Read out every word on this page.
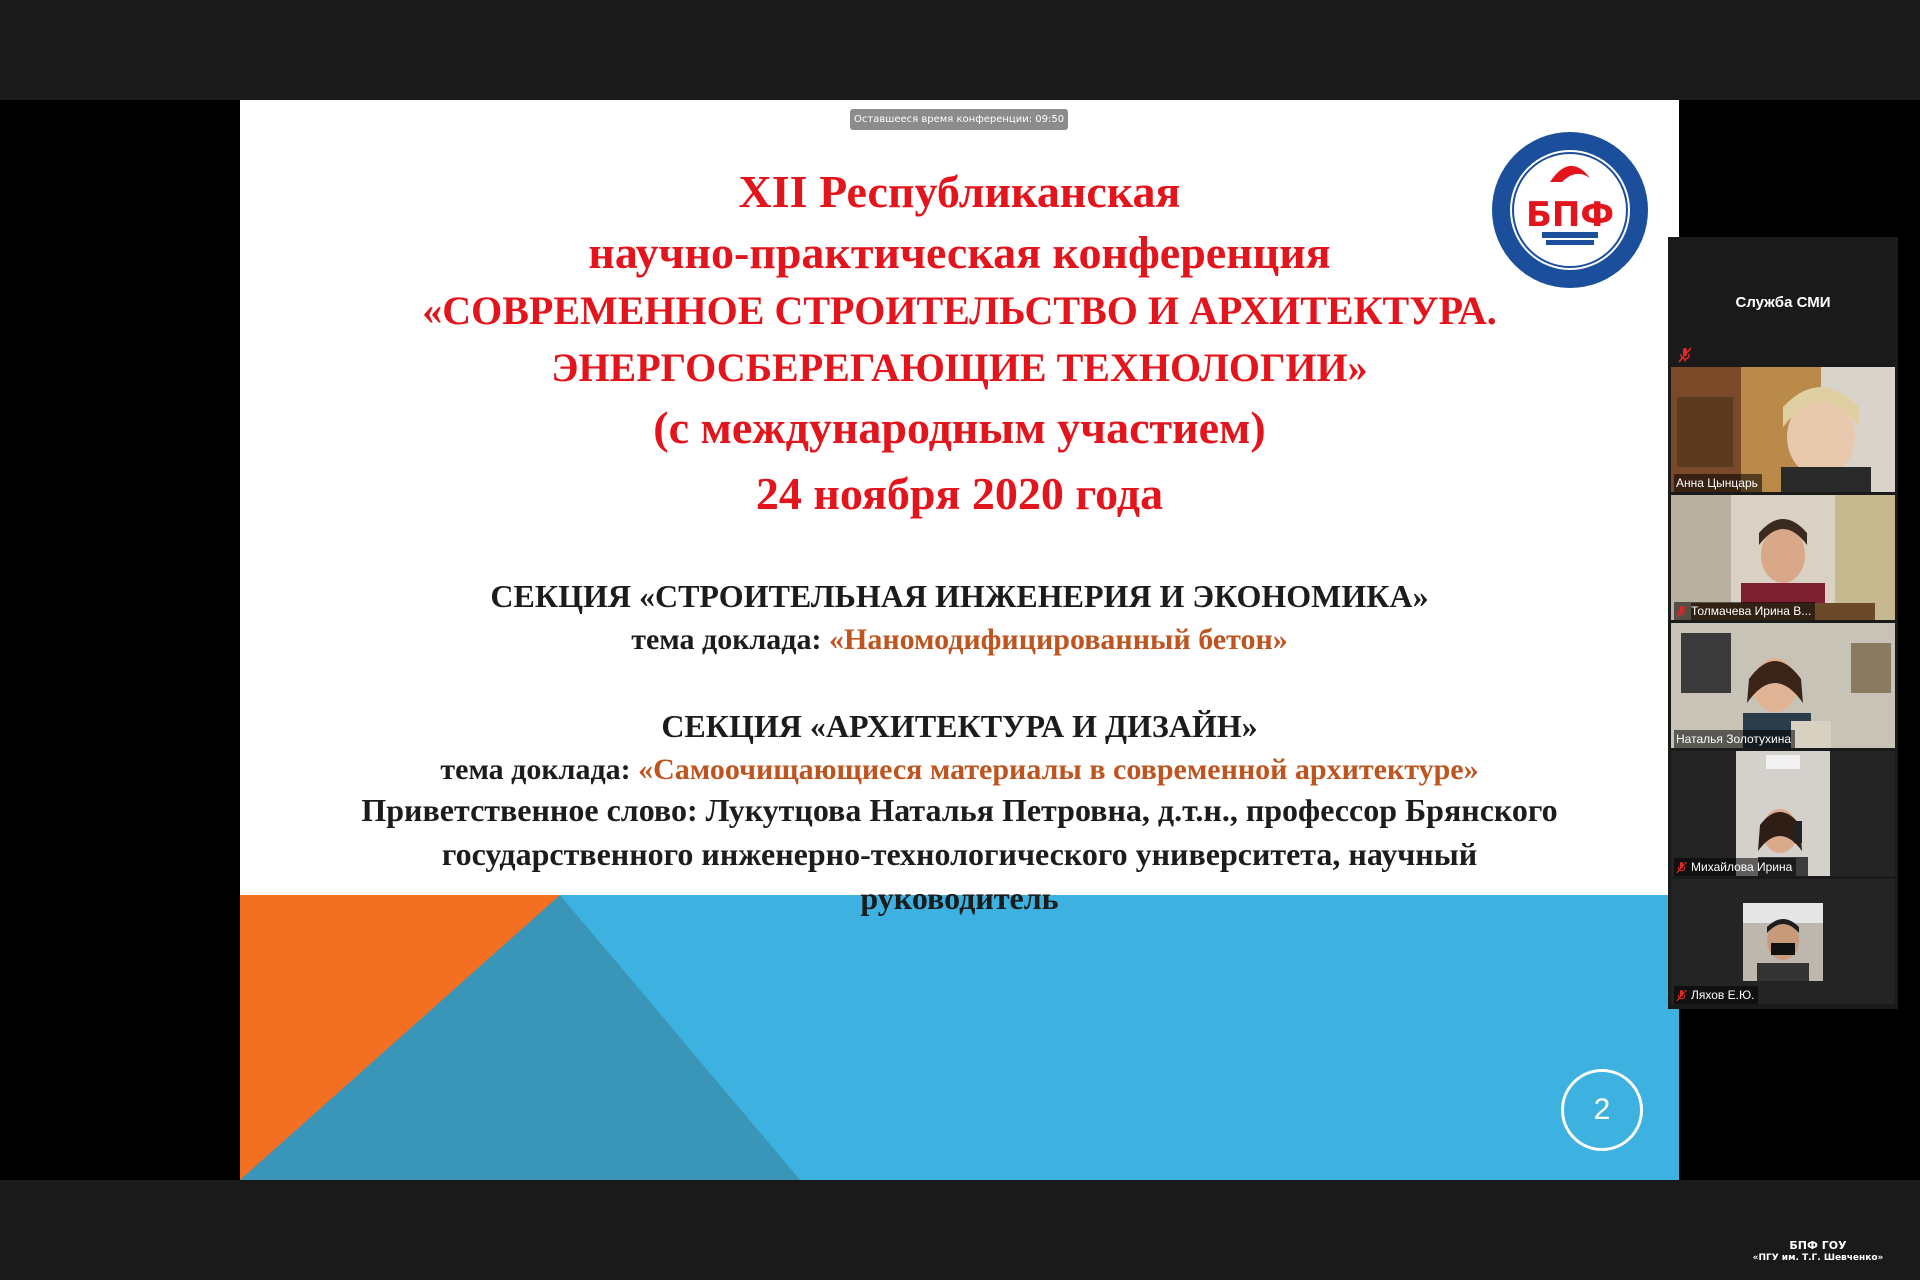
Оставшееся время конференции: 09:50
БПФ
XII Республиканская
научно-практическая конференция
«СОВРЕМЕННОЕ СТРОИТЕЛЬСТВО И АРХИТЕКТУРА.
ЭНЕРГОСБЕРЕГАЮЩИЕ ТЕХНОЛОГИИ»
(с международным участием)
24 ноября 2020 года
СЕКЦИЯ «СТРОИТЕЛЬНАЯ ИНЖЕНЕРИЯ И ЭКОНОМИКА»
тема доклада: «Наномодифицированный бетон»
СЕКЦИЯ «АРХИТЕКТУРА И ДИЗАЙН»
тема доклада: «Самоочищающиеся материалы в современной архитектуре»
Приветственное слово: Лукутцова Наталья Петровна, д.т.н., профессор Брянского
государственного инженерно-технологического университета, научный
руководитель
2
Служба СМИ
Анна Цынцарь
Толмачева Ирина В...
Наталья Золотухина
Михайлова Ирина
Ляхов Е.Ю.
БПФ ГОУ
«ПГУ им. Т.Г. Шевченко»
